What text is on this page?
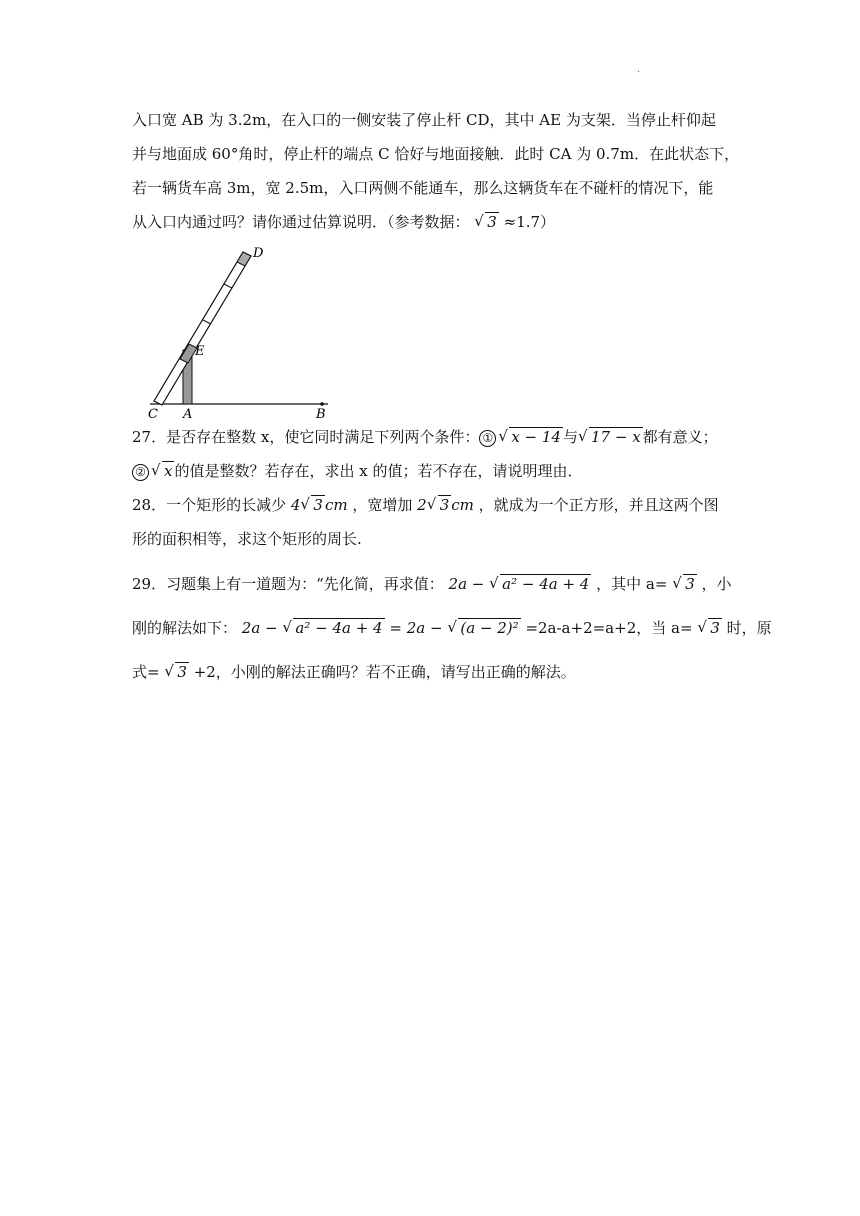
.
入口宽 AB 为 3.2m，在入口的一侧安装了停止杆 CD，其中 AE 为支架．当停止杆仰起
并与地面成 60°角时，停止杆的端点 C 恰好与地面接触．此时 CA 为 0.7m．在此状态下，
若一辆货车高 3m，宽 2.5m，入口两侧不能通车，那么这辆货车在不碰杆的情况下，能
从入口内通过吗？请你通过估算说明．（参考数据： √ 3 ≈1.7）
C A	B
D
E
27．是否存在整数 x，使它同时满足下列两个条件： ① √ x − 14 与 √ 17 − x 都有意义；
② √ x 的值是整数？若存在，求出 x 的值；若不存在，请说明理由．
28．一个矩形的长减少 4 √ 3 cm ，宽增加 2 √ 3 cm ，就成为一个正方形，并且这两个图
形的面积相等，求这个矩形的周长.
29．习题集上有一道题为：“先化简，再求值： 2a − √ a² − 4a + 4 ，其中 a= √ 3 ，小
刚的解法如下： 2a − √ a² − 4a + 4 = 2a − √ (a − 2)² =2a-a+2=a+2，当 a= √ 3 时，原
式= √ 3 +2，小刚的解法正确吗？若不正确，请写出正确的解法。
